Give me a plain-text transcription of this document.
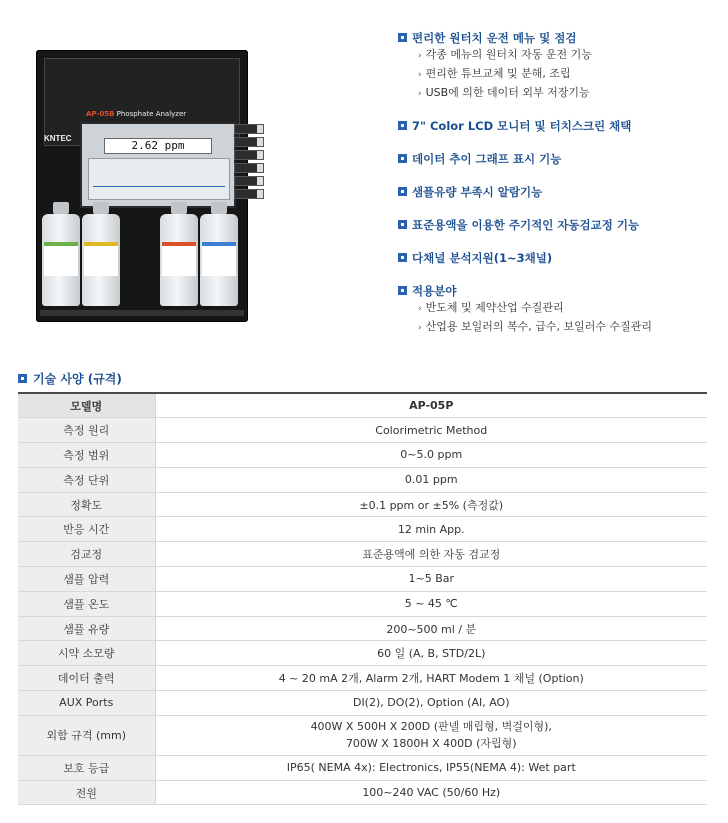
AP-05B Phosphate Analyzer
KNTEC
2.62 ppm
편리한 원터치 운전 메뉴 및 점검
› 각종 메뉴의 원터치 자동 운전 기능
› 편리한 튜브교체 및 분해, 조립
› USB에 의한 데이터 외부 저장기능
7" Color LCD 모니터 및 터치스크린 채택
데이터 추이 그래프 표시 기능
샘플유량 부족시 알람기능
표준용액을 이용한 주기적인 자동검교정 기능
다채널 분석지원(1~3채널)
적용분야
› 반도체 및 제약산업 수질관리
› 산업용 보일러의 복수, 급수, 보일러수 수질관리
기술 사양 (규격)
모델명	AP-05P
측정 원리	Colorimetric Method
측정 범위	0~5.0 ppm
측정 단위	0.01 ppm
정확도	±0.1 ppm or ±5% (측정값)
반응 시간	12 min App.
검교정	표준용액에 의한 자동 검교정
샘플 압력	1~5 Bar
샘플 온도	5 ~ 45 ℃
샘플 유량	200~500 ml / 분
시약 소모량	60 일 (A, B, STD/2L)
데이터 출력	4 ~ 20 mA 2개, Alarm 2개, HART Modem 1 채널 (Option)
AUX Ports	DI(2), DO(2), Option (AI, AO)
외함 규격 (mm)	400W X 500H X 200D (판넬 매립형, 벽걸이형),
700W X 1800H X 400D (자립형)

보호 등급	IP65( NEMA 4x): Electronics, IP55(NEMA 4): Wet part
전원	100~240 VAC (50/60 Hz)
